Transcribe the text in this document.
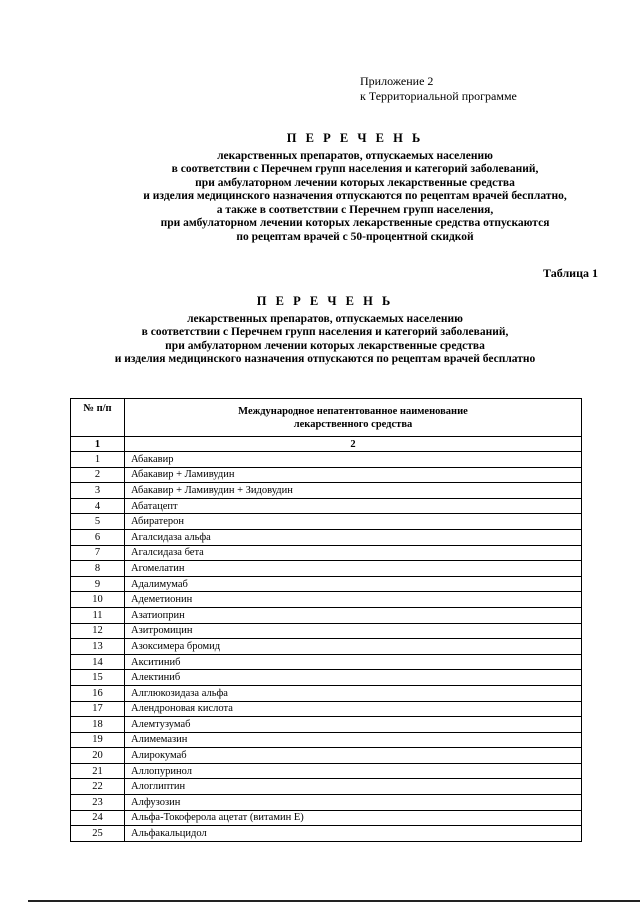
Приложение 2
к Территориальной программе
П Е Р Е Ч Е Н Ь
лекарственных препаратов, отпускаемых населению
в соответствии с Перечнем групп населения и категорий заболеваний,
при амбулаторном лечении которых лекарственные средства
и изделия медицинского назначения отпускаются по рецептам врачей бесплатно,
а также в соответствии с Перечнем групп населения,
при амбулаторном лечении которых лекарственные средства отпускаются
по рецептам врачей с 50-процентной скидкой
Таблица 1
П Е Р Е Ч Е Н Ь
лекарственных препаратов, отпускаемых населению
в соответствии с Перечнем групп населения и категорий заболеваний,
при амбулаторном лечении которых лекарственные средства
и изделия медицинского назначения отпускаются по рецептам врачей бесплатно
№ п/п	Международное непатентованное наименование
лекарственного средства

1	2
1	Абакавир
2	Абакавир + Ламивудин
3	Абакавир + Ламивудин + Зидовудин
4	Абатацепт
5	Абиратерон
6	Агалсидаза альфа
7	Агалсидаза бета
8	Агомелатин
9	Адалимумаб
10	Адеметионин
11	Азатиоприн
12	Азитромицин
13	Азоксимера бромид
14	Акситиниб
15	Алектиниб
16	Алглюкозидаза альфа
17	Алендроновая кислота
18	Алемтузумаб
19	Алимемазин
20	Алирокумаб
21	Аллопуринол
22	Алоглиптин
23	Алфузозин
24	Альфа-Токоферола ацетат (витамин Е)
25	Альфакальцидол
